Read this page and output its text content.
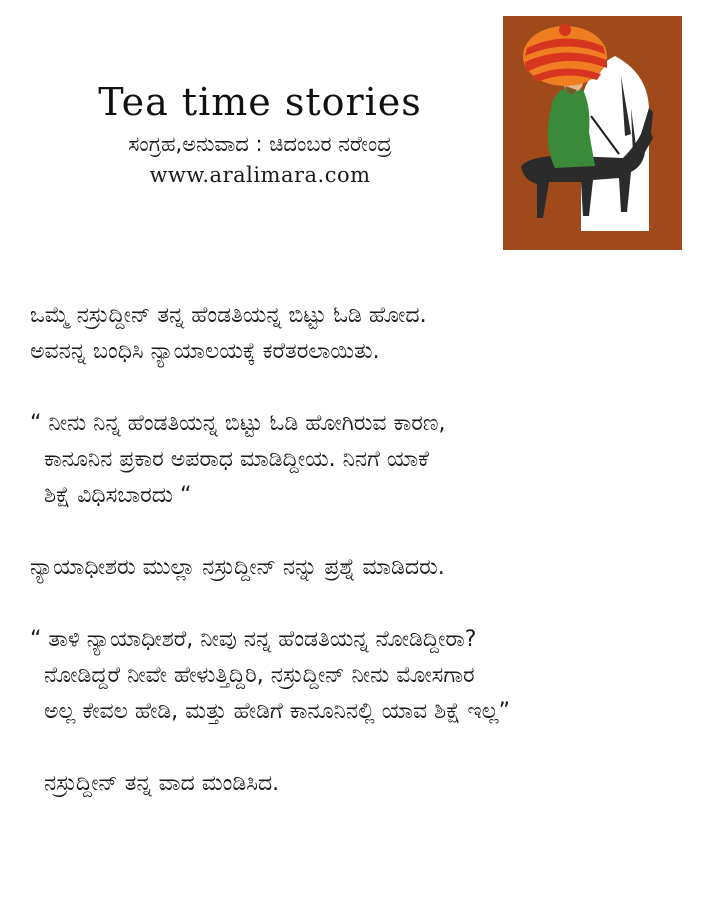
Tea time stories

ಸಂಗ್ರಹ,ಅನುವಾದ : ಚಿದಂಬರ ನರೇಂದ್ರ

www.aralimara.com

ಒಮ್ಮೆ ನಸ್ರುದ್ದೀನ್ ತನ್ನ ಹೆಂಡತಿಯನ್ನ ಬಿಟ್ಟು ಓಡಿ ಹೋದ.
ಅವನನ್ನ ಬಂಧಿಸಿ ನ್ಯಾಯಾಲಯಕ್ಕೆ ಕರೆತರಲಾಯಿತು.

“ ನೀನು ನಿನ್ನ ಹೆಂಡತಿಯನ್ನ ಬಿಟ್ಟು ಓಡಿ ಹೋಗಿರುವ ಕಾರಣ,
ಕಾನೂನಿನ ಪ್ರಕಾರ ಅಪರಾಧ ಮಾಡಿದ್ದೀಯ. ನಿನಗೆ ಯಾಕೆ
ಶಿಕ್ಷೆ ವಿಧಿಸಬಾರದು “

ನ್ಯಾಯಾಧೀಶರು ಮುಲ್ಲಾ ನಸ್ರುದ್ದೀನ್ ನನ್ನು ಪ್ರಶ್ನೆ ಮಾಡಿದರು.

“ ತಾಳಿ ನ್ಯಾಯಾಧೀಶರೆ, ನೀವು ನನ್ನ ಹೆಂಡತಿಯನ್ನ ನೋಡಿದ್ದೀರಾ?
ನೋಡಿದ್ದರೆ ನೀವೇ ಹೇಳುತ್ತಿದ್ದಿರಿ, ನಸ್ರುದ್ದೀನ್ ನೀನು ಮೋಸಗಾರ
ಅಲ್ಲ ಕೇವಲ ಹೇಡಿ, ಮತ್ತು ಹೇಡಿಗೆ ಕಾನೂನಿನಲ್ಲಿ ಯಾವ ಶಿಕ್ಷೆ ಇಲ್ಲ”

ನಸ್ರುದ್ದೀನ್ ತನ್ನ ವಾದ ಮಂಡಿಸಿದ.
